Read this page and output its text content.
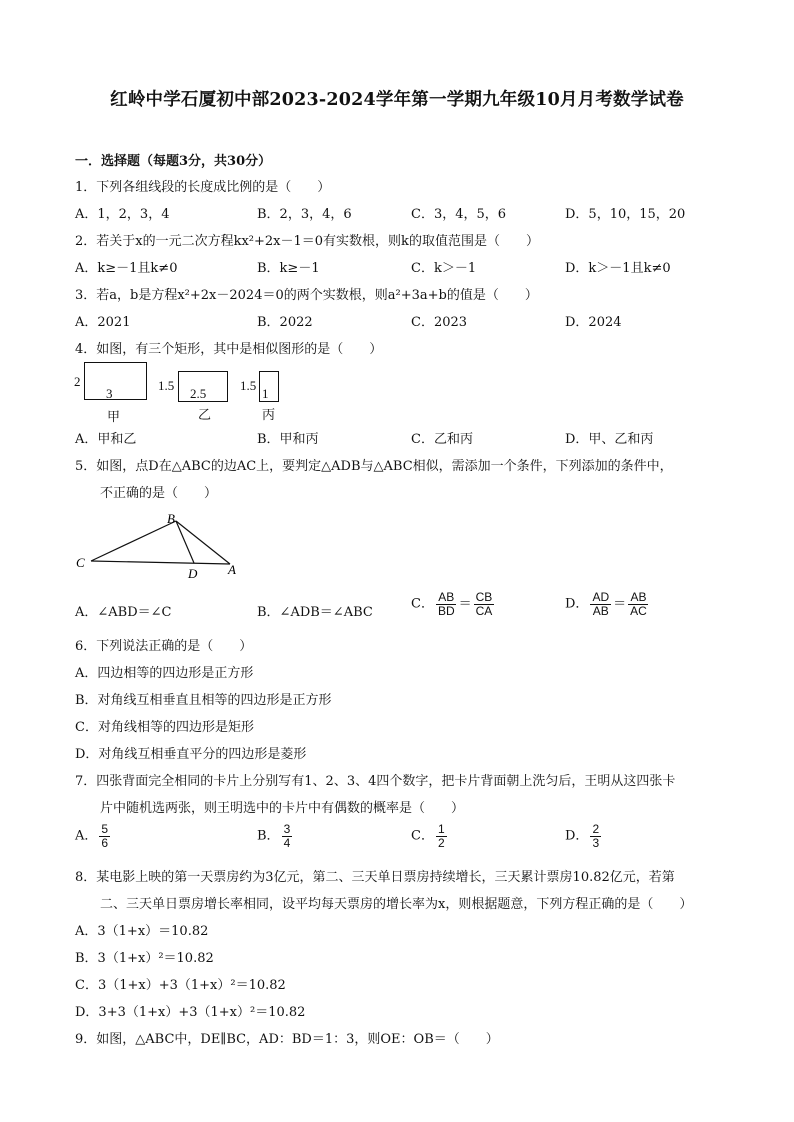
红岭中学石厦初中部2023-2024学年第一学期九年级10月月考数学试卷
一．选择题（每题3分，共30分）
1．下列各组线段的长度成比例的是（　　）
A．1，2，3，4	B．2，3，4，6	C．3，4，5，6	D．5，10，15，20
2．若关于x的一元二次方程kx²+2x－1＝0有实数根，则k的取值范围是（　　）
A．k≥－1且k≠0	B．k≥－1	C．k＞－1	D．k＞－1且k≠0
3．若a，b是方程x²+2x－2024＝0的两个实数根，则a²+3a+b的值是（　　）
A．2021	B．2022	C．2023	D．2024
4．如图，有三个矩形，其中是相似图形的是（　　）
2
3
甲
1.5
2.5
乙
1.5
1
丙
A．甲和乙	B．甲和丙	C．乙和丙	D．甲、乙和丙
5．如图，点D在△ABC的边AC上，要判定△ADB与△ABC相似，需添加一个条件，下列添加的条件中，
不正确的是（　　）
B
C
D A
A．∠ABD＝∠C	B．∠ADB＝∠ABC
C． $\frac{AB}{BD} = \frac{CB}{CA}$	D． $\frac{AD}{AB} = \frac{AB}{AC}$
6．下列说法正确的是（　　）
A．四边相等的四边形是正方形
B．对角线互相垂直且相等的四边形是正方形
C．对角线相等的四边形是矩形
D．对角线互相垂直平分的四边形是菱形
7．四张背面完全相同的卡片上分别写有1、2、3、4四个数字，把卡片背面朝上洗匀后，王明从这四张卡
片中随机选两张，则王明选中的卡片中有偶数的概率是（　　）
A． $\frac{5}{6}$	B． $\frac{3}{4}$	C． $\frac{1}{2}$	D． $\frac{2}{3}$
8．某电影上映的第一天票房约为3亿元，第二、三天单日票房持续增长，三天累计票房10.82亿元，若第
二、三天单日票房增长率相同，设平均每天票房的增长率为x，则根据题意，下列方程正确的是（　　）
A．3（1+x）＝10.82
B．3（1+x）²＝10.82
C．3（1+x）+3（1+x）²＝10.82
D．3+3（1+x）+3（1+x）²＝10.82
9．如图，△ABC中，DE∥BC，AD：BD＝1：3，则OE：OB＝（　　）
